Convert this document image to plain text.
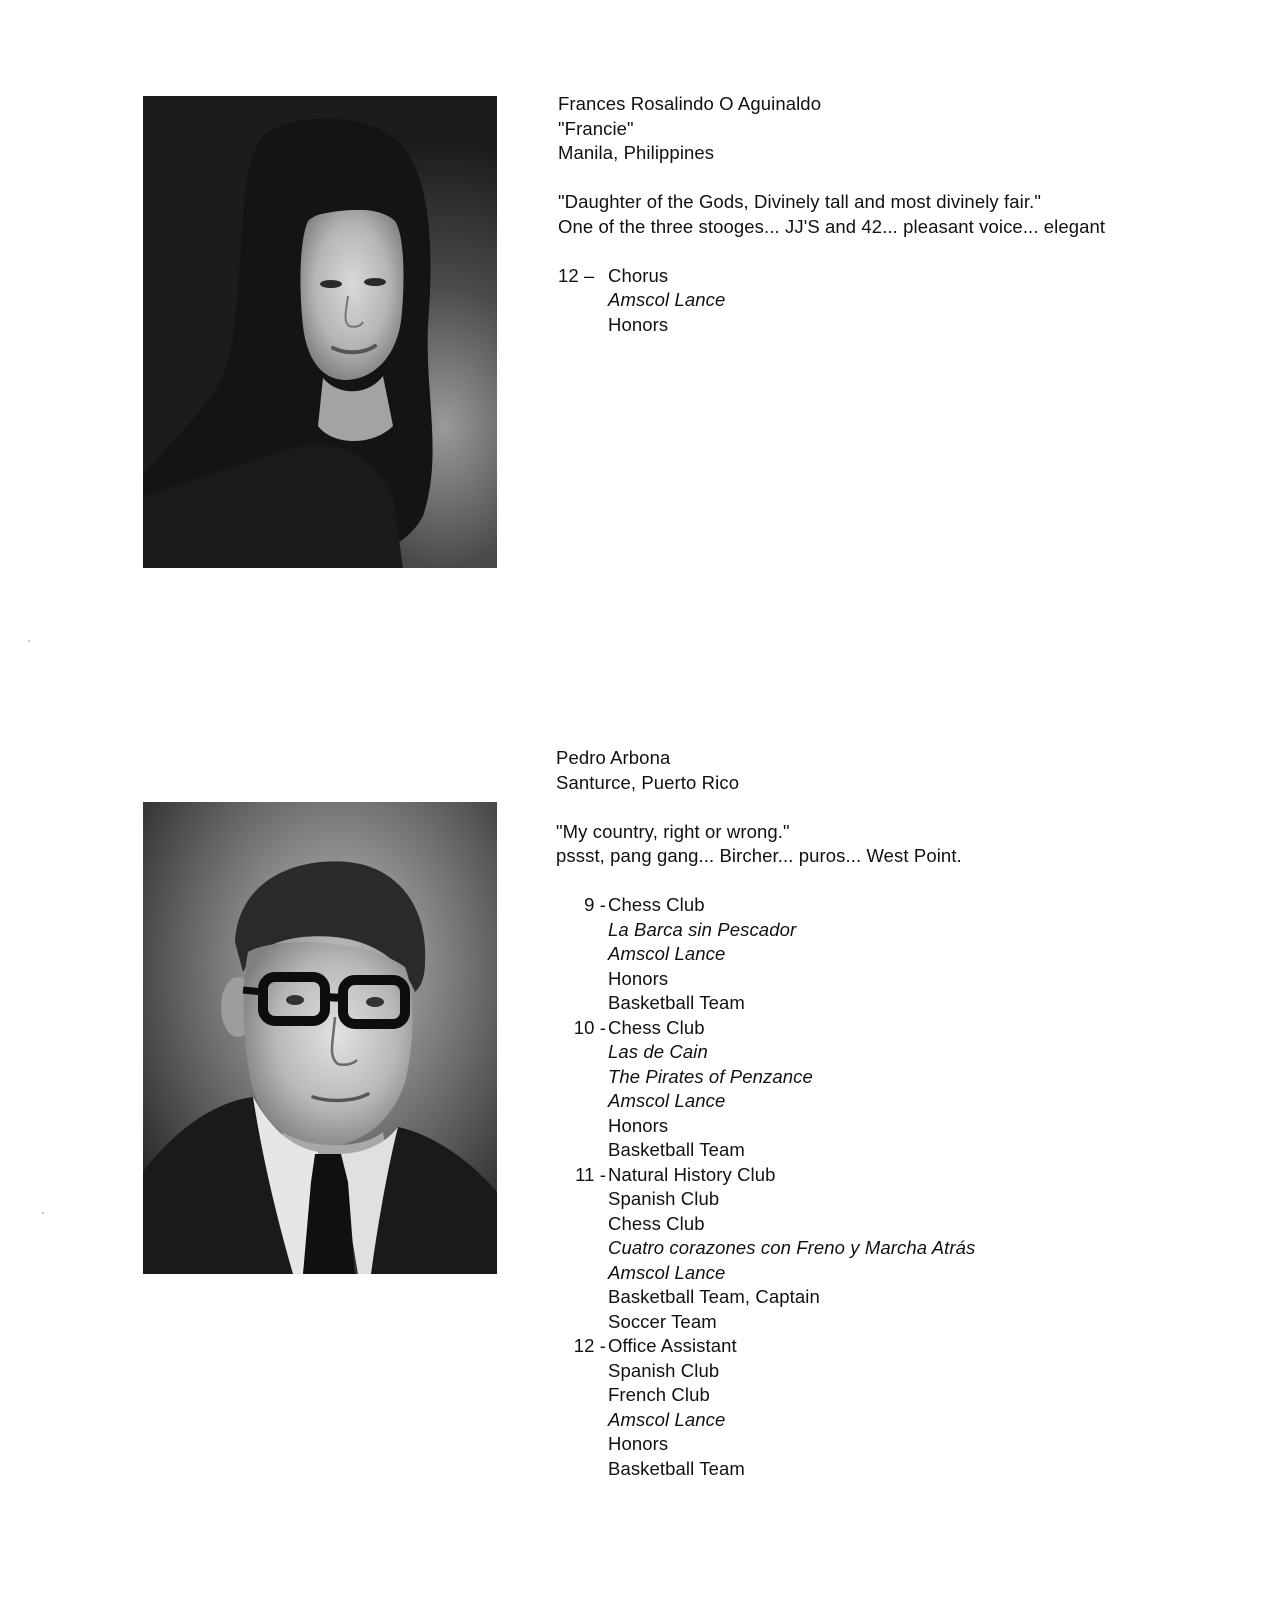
Frances Rosalindo O Aguinaldo
"Francie"
Manila, Philippines
"Daughter of the Gods, Divinely tall and most divinely fair."
One of the three stooges... JJ'S and 42... pleasant voice... elegant
12 – Chorus
Amscol Lance
Honors
Pedro Arbona
Santurce, Puerto Rico
"My country, right or wrong."
pssst, pang gang... Bircher... puros... West Point.
9 - Chess Club
La Barca sin Pescador
Amscol Lance
Honors
Basketball Team
10 - Chess Club
Las de Cain
The Pirates of Penzance
Amscol Lance
Honors
Basketball Team
11 - Natural History Club
Spanish Club
Chess Club
Cuatro corazones con Freno y Marcha Atrás
Amscol Lance
Basketball Team, Captain
Soccer Team
12 - Office Assistant
Spanish Club
French Club
Amscol Lance
Honors
Basketball Team
